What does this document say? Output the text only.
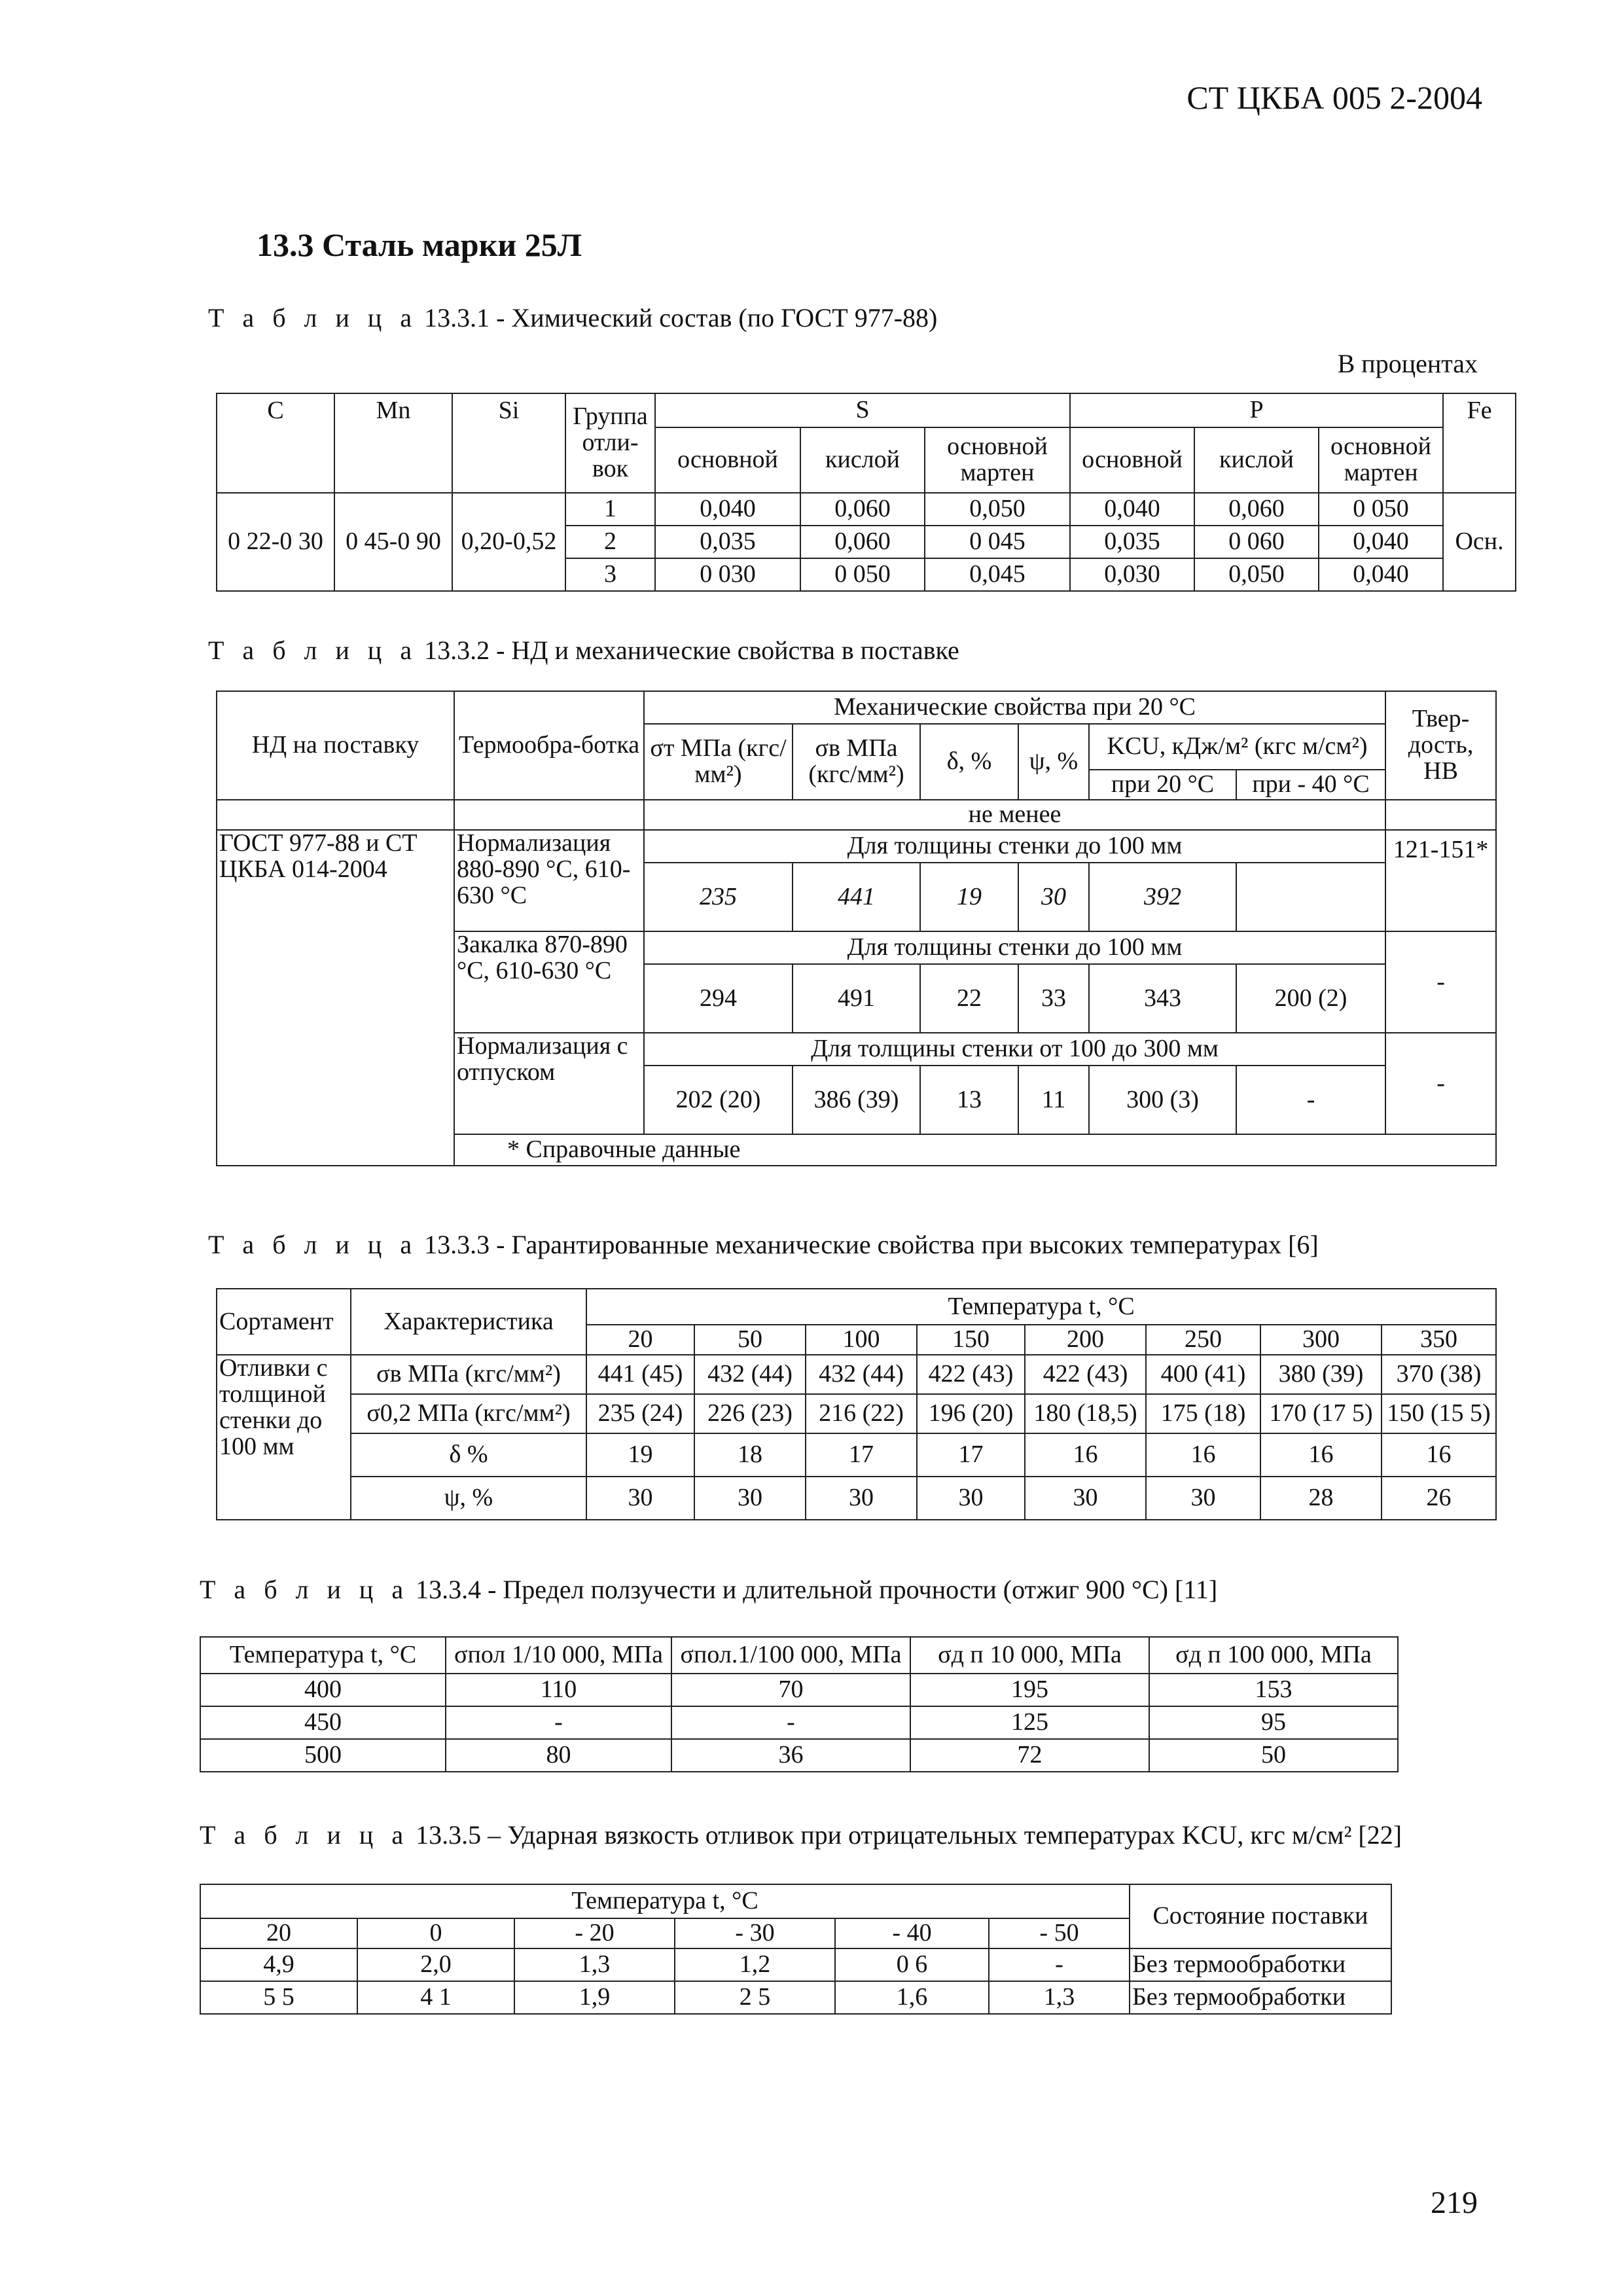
СТ ЦКБА 005 2-2004
13.3 Сталь марки 25Л
Т а б л и ц а 13.3.1 - Химический состав (по ГОСТ 977-88)
В процентах
C	Mn	Si	Группа отли-вок	S			P			Fe
				основной	кислой	основной мартен	основной	кислой	основной мартен	
0 22-0 30	0 45-0 90	0,20-0,52	1	0,040	0,060	0,050	0,040	0,060	0 050	Осн.
			2	0,035	0,060	0 045	0,035	0 060	0,040	
			3	0 030	0 050	0,045	0,030	0,050	0,040	
Т а б л и ц а 13.3.2 - НД и механические свойства в поставке
НД на поставку	Термообра-ботка	Механические свойства при 20 °С						Твер-дость, НВ
		σт МПа (кгс/мм²)	σв МПа (кгс/мм²)	δ, %	ψ, %	KCU, кДж/м² (кгс м/см²)		
						при 20 °С	при - 40 °С	
		не менее						
ГОСТ 977-88 и СТ ЦКБА 014-2004	Нормализация 880-890 °С, 610-630 °С	Для толщины стенки до 100 мм						121-151*
		235	441	19	30	392		
	Закалка 870-890 °С, 610-630 °С	Для толщины стенки до 100 мм						-
		294	491	22	33	343	200 (2)	
	Нормализация с отпуском	Для толщины стенки от 100 до 300 мм						-
		202 (20)	386 (39)	13	11	300 (3)	-	
	* Справочные данные							
Т а б л и ц а 13.3.3 - Гарантированные механические свойства при высоких температурах [6]
Сортамент	Характеристика	Температура t, °С							
		20	50	100	150	200	250	300	350
Отливки с толщиной стенки до 100 мм	σв МПа (кгс/мм²)	441 (45)	432 (44)	432 (44)	422 (43)	422 (43)	400 (41)	380 (39)	370 (38)
	σ0,2 МПа (кгс/мм²)	235 (24)	226 (23)	216 (22)	196 (20)	180 (18,5)	175 (18)	170 (17 5)	150 (15 5)
	δ %	19	18	17	17	16	16	16	16
	ψ, %	30	30	30	30	30	30	28	26
Т а б л и ц а 13.3.4 - Предел ползучести и длительной прочности (отжиг 900 °С) [11]
Температура t, °С	σпол 1/10 000, МПа	σпол.1/100 000, МПа	σд п 10 000, МПа	σд п 100 000, МПа
400	110	70	195	153
450	-	-	125	95
500	80	36	72	50
Т а б л и ц а 13.3.5 – Ударная вязкость отливок при отрицательных температурах KCU, кгс м/см² [22]
Температура t, °С						Состояние поставки
20	0	- 20	- 30	- 40	- 50	
4,9	2,0	1,3	1,2	0 6	-	Без термообработки
5 5	4 1	1,9	2 5	1,6	1,3	Без термообработки
219
